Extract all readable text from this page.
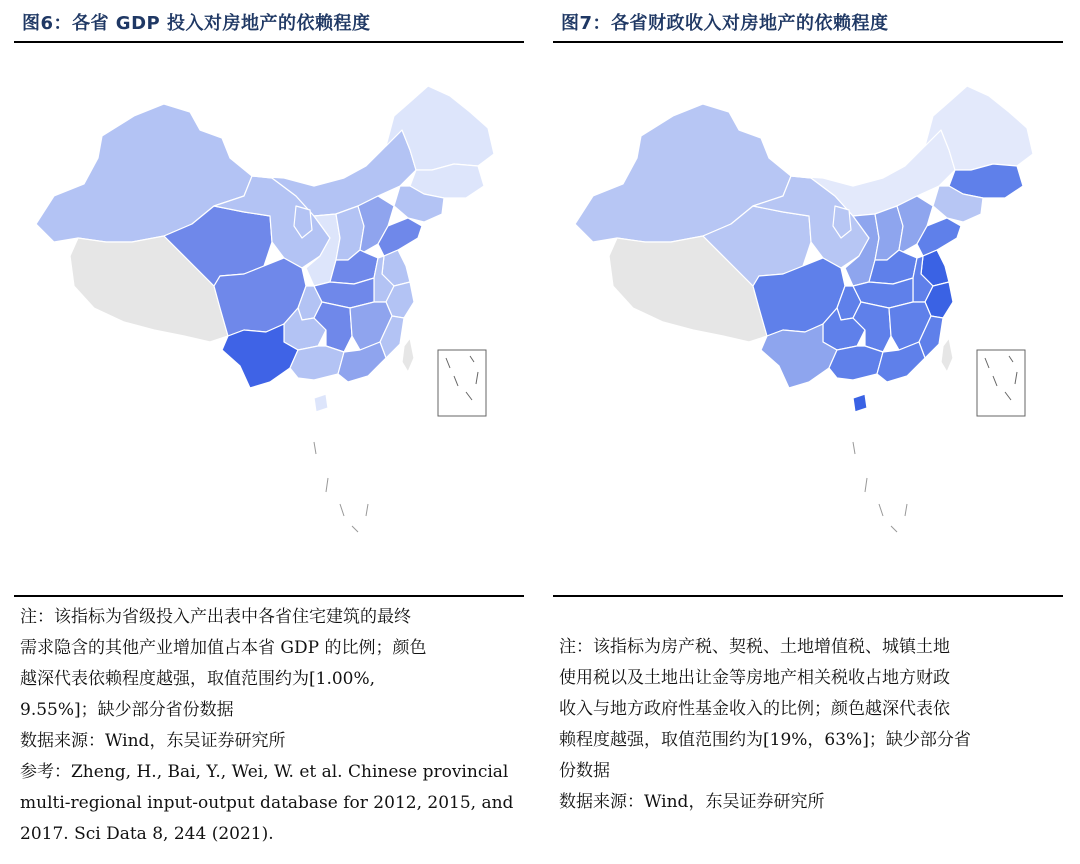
图6：各省 GDP 投入对房地产的依赖程度

注：该指标为省级投入产出表中各省住宅建筑的最终

需求隐含的其他产业增加值占本省 GDP 的比例；颜色

越深代表依赖程度越强，取值范围约为[1.00%,

9.55%]；缺少部分省份数据

数据来源：Wind，东吴证券研究所

参考：Zheng, H., Bai, Y., Wei, W. et al. Chinese provincial

multi-regional input-output database for 2012, 2015, and

2017. Sci Data 8, 244 (2021).

图7：各省财政收入对房地产的依赖程度

注：该指标为房产税、契税、土地增值税、城镇土地

使用税以及土地出让金等房地产相关税收占地方财政

收入与地方政府性基金收入的比例；颜色越深代表依

赖程度越强，取值范围约为[19%，63%]；缺少部分省

份数据

数据来源：Wind，东吴证券研究所
